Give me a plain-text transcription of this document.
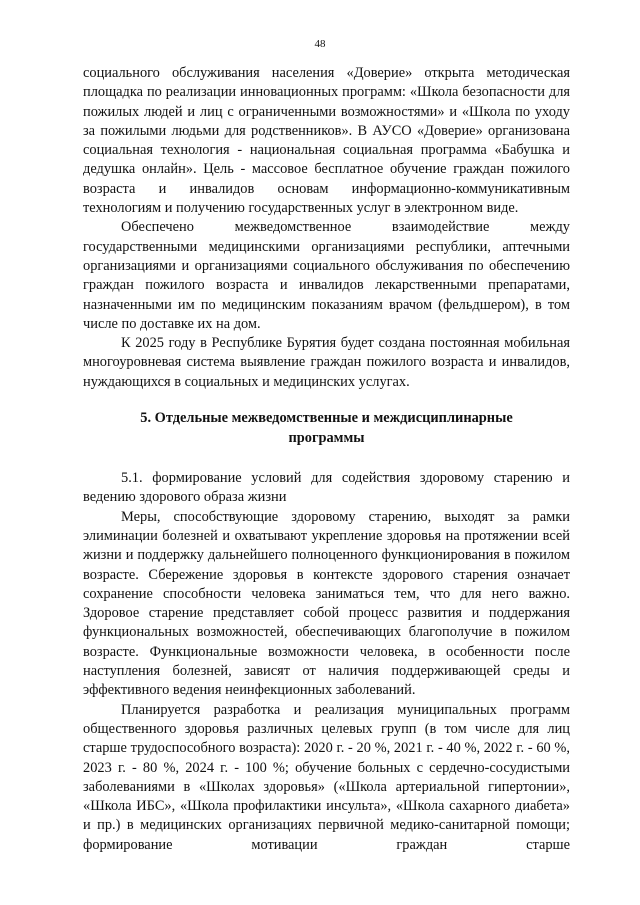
48

социального обслуживания населения «Доверие» открыта методическая площадка по реализации инновационных программ: «Школа безопасности для пожилых людей и лиц с ограниченными возможностями» и «Школа по уходу за пожилыми людьми для родственников». В АУСО «Доверие» организована социальная технология - национальная социальная программа «Бабушка и дедушка онлайн». Цель - массовое бесплатное обучение граждан пожилого возраста и инвалидов основам информационно-коммуникативным технологиям и получению государственных услуг в электронном виде.

Обеспечено межведомственное взаимодействие между государственными медицинскими организациями республики, аптечными организациями и организациями социального обслуживания по обеспечению граждан пожилого возраста и инвалидов лекарственными препаратами, назначенными им по медицинским показаниям врачом (фельдшером), в том числе по доставке их на дом.

К 2025 году в Республике Бурятия будет создана постоянная мобильная многоуровневая система выявление граждан пожилого возраста и инвалидов, нуждающихся в социальных и медицинских услугах.

5. Отдельные межведомственные и междисциплинарные
программы

5.1. формирование условий для содействия здоровому старению и ведению здорового образа жизни

Меры, способствующие здоровому старению, выходят за рамки элиминации болезней и охватывают укрепление здоровья на протяжении всей жизни и поддержку дальнейшего полноценного функционирования в пожилом возрасте. Сбережение здоровья в контексте здорового старения означает сохранение способности человека заниматься тем, что для него важно. Здоровое старение представляет собой процесс развития и поддержания функциональных возможностей, обеспечивающих благополучие в пожилом возрасте. Функциональные возможности человека, в особенности после наступления болезней, зависят от наличия поддерживающей среды и эффективного ведения неинфекционных заболеваний.

Планируется разработка и реализация муниципальных программ общественного здоровья различных целевых групп (в том числе для лиц старше трудоспособного возраста): 2020 г. - 20 %, 2021 г. - 40 %, 2022 г. - 60 %, 2023 г. - 80 %, 2024 г. - 100 %; обучение больных с сердечно-сосудистыми заболеваниями в «Школах здоровья» («Школа артериальной гипертонии», «Школа ИБС», «Школа профилактики инсульта», «Школа сахарного диабета» и пр.) в медицинских организациях первичной медико-санитарной помощи; формирование мотивации граждан старше
